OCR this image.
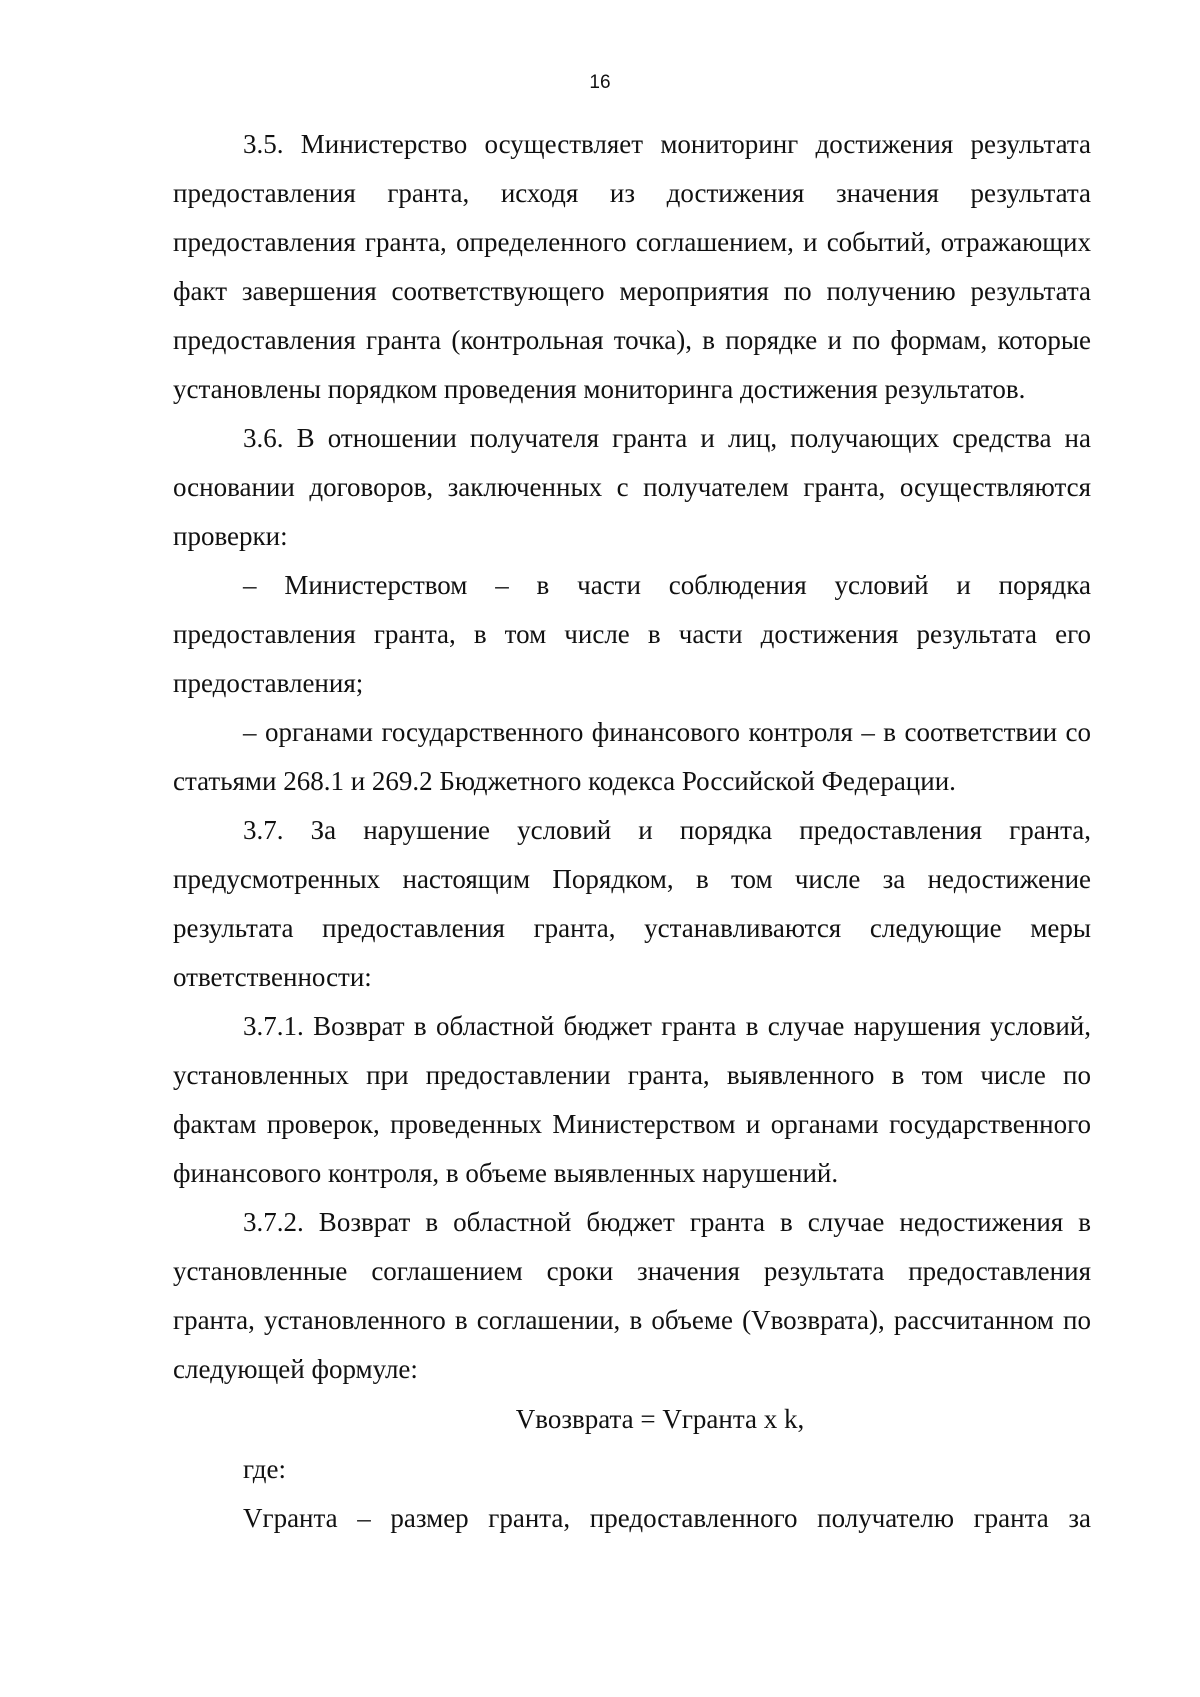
16

3.5. Министерство осуществляет мониторинг достижения результата предоставления гранта, исходя из достижения значения результата предоставления гранта, определенного соглашением, и событий, отражающих факт завершения соответствующего мероприятия по получению результата предоставления гранта (контрольная точка), в порядке и по формам, которые установлены порядком проведения мониторинга достижения результатов.

3.6. В отношении получателя гранта и лиц, получающих средства на основании договоров, заключенных с получателем гранта, осуществляются проверки:

– Министерством – в части соблюдения условий и порядка предоставления гранта, в том числе в части достижения результата его предоставления;

– органами государственного финансового контроля – в соответствии со статьями 268.1 и 269.2 Бюджетного кодекса Российской Федерации.

3.7. За нарушение условий и порядка предоставления гранта, предусмотренных настоящим Порядком, в том числе за недостижение результата предоставления гранта, устанавливаются следующие меры ответственности:

3.7.1. Возврат в областной бюджет гранта в случае нарушения условий, установленных при предоставлении гранта, выявленного в том числе по фактам проверок, проведенных Министерством и органами государственного финансового контроля, в объеме выявленных нарушений.

3.7.2. Возврат в областной бюджет гранта в случае недостижения в установленные соглашением сроки значения результата предоставления гранта, установленного в соглашении, в объеме (Vвозврата), рассчитанном по следующей формуле:

Vвозврата = Vгранта x k,

где:

Vгранта – размер гранта, предоставленного получателю гранта за
